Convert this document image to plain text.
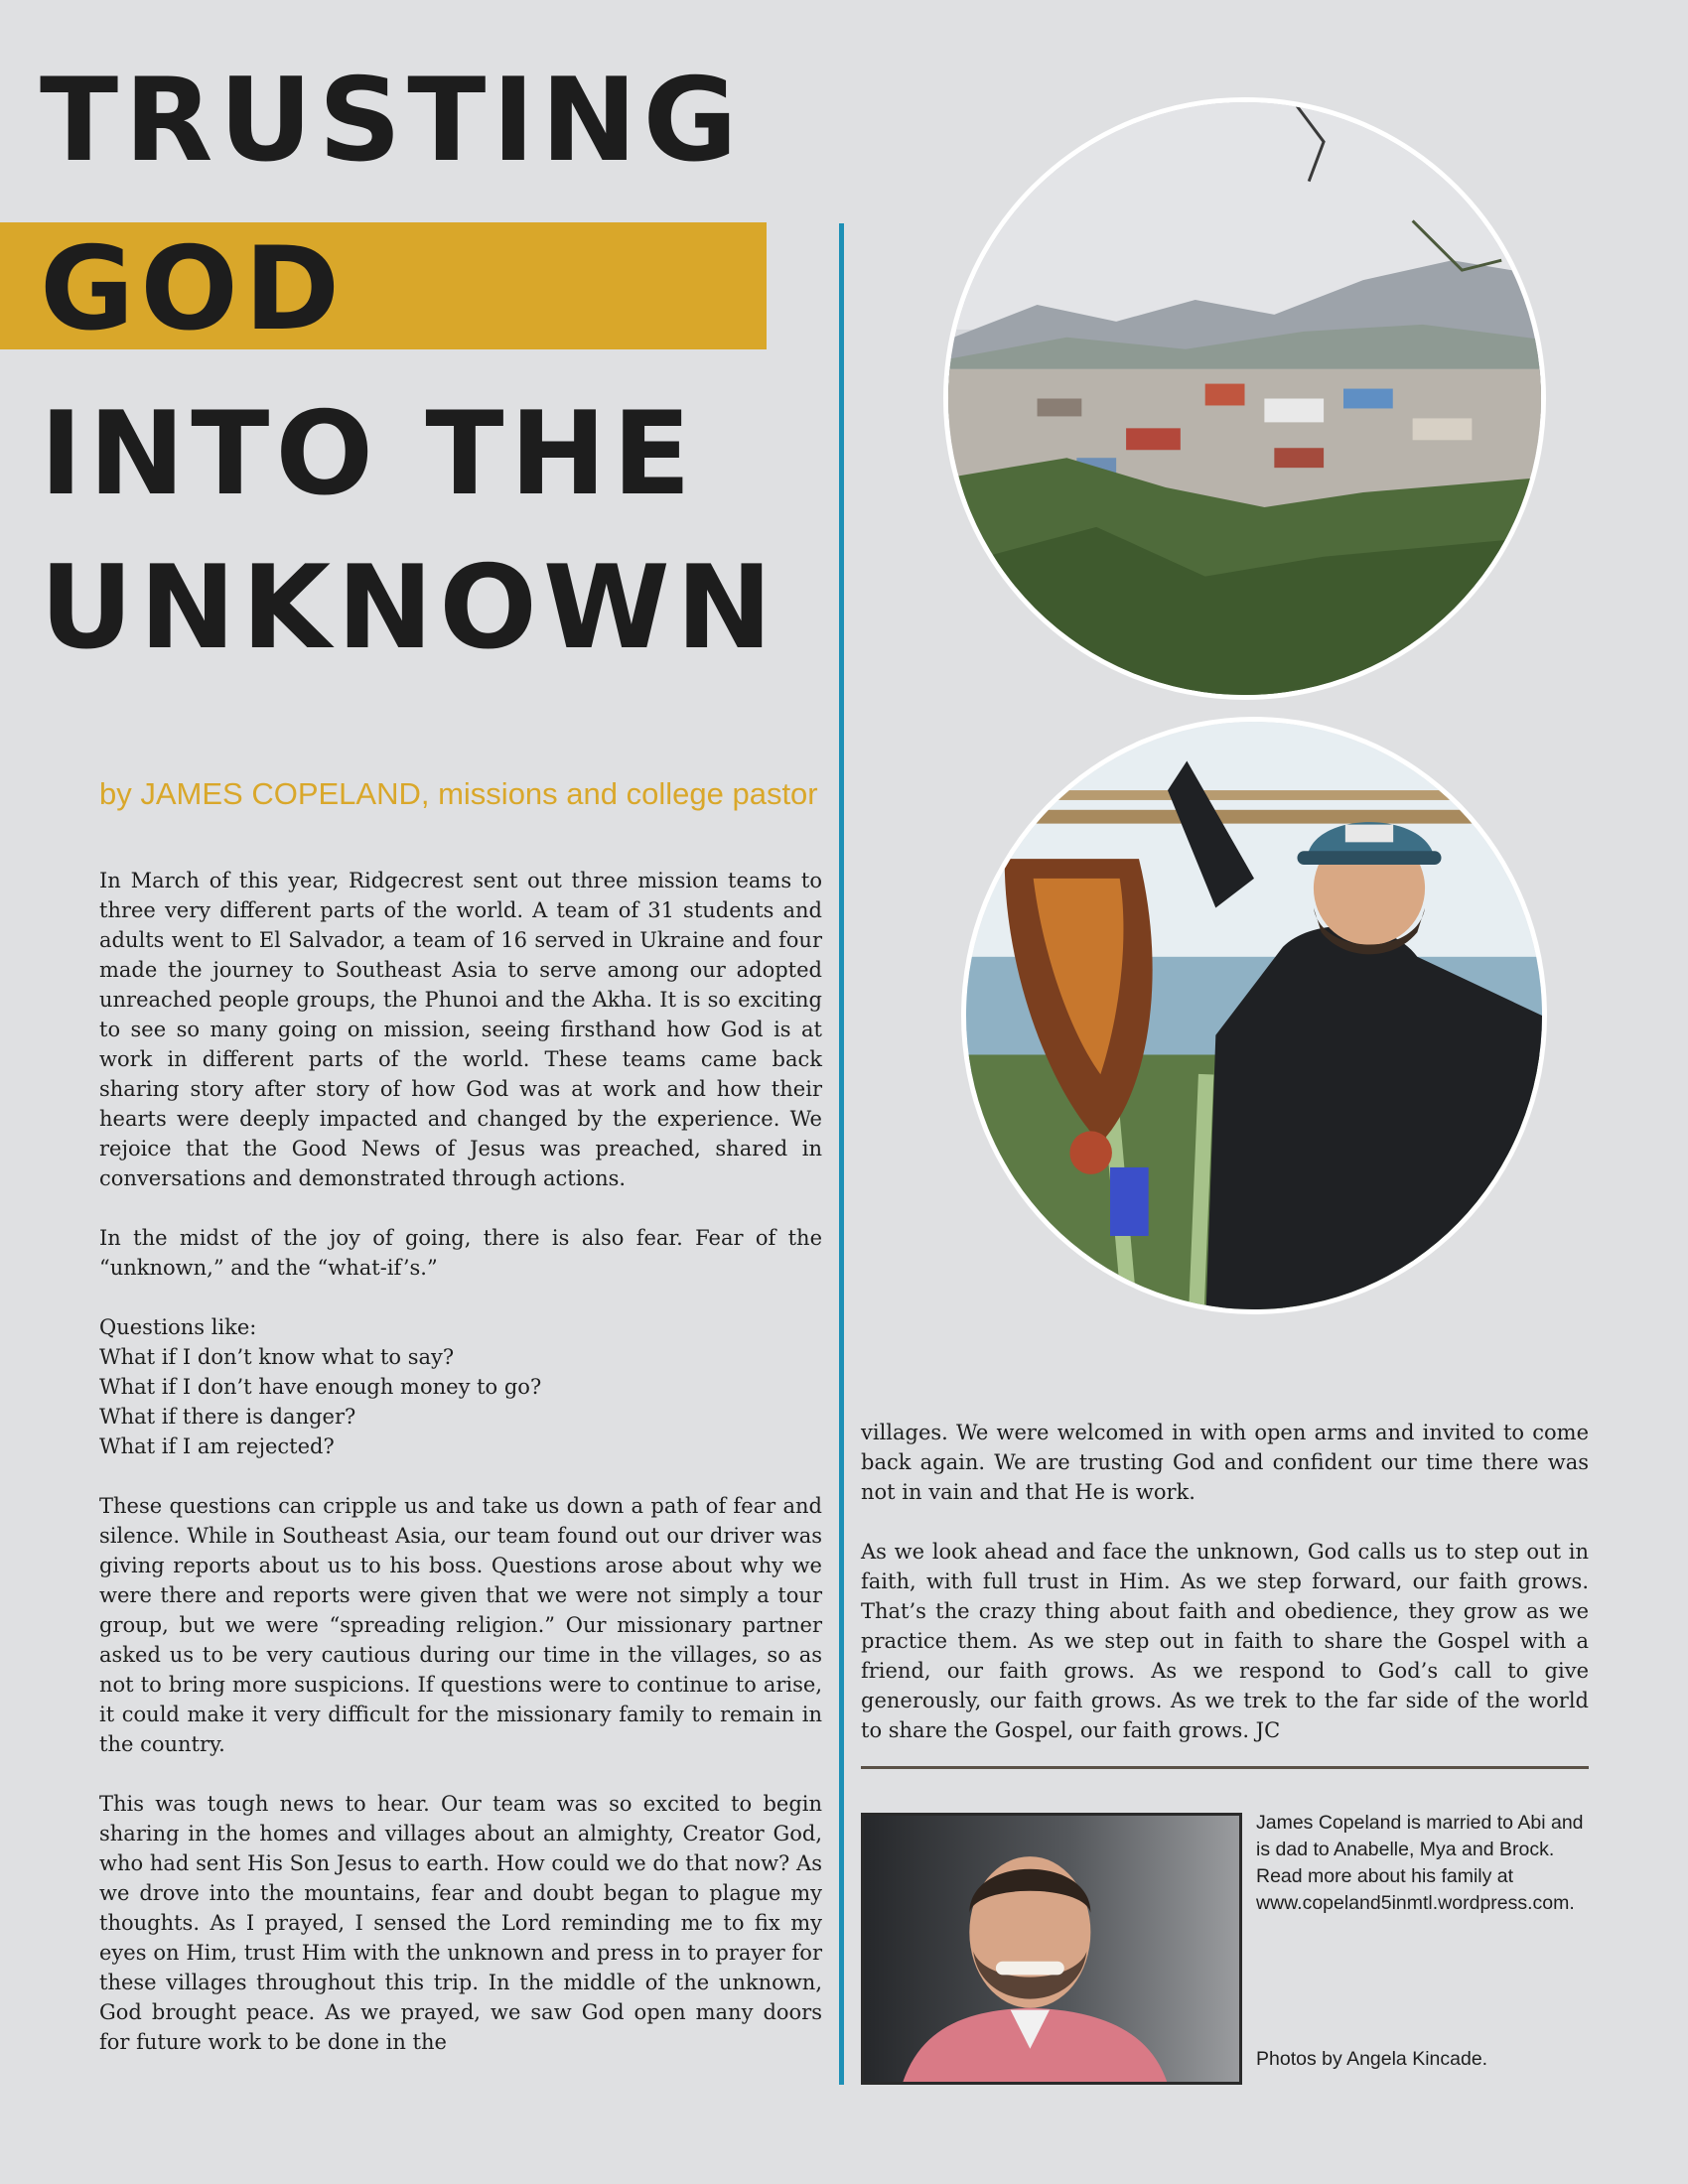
TRUSTING
GOD
INTO THE
UNKNOWN

by JAMES COPELAND, missions and college pastor

In March of this year, Ridgecrest sent out three mission teams to three very different parts of the world. A team of 31 students and adults went to El Salvador, a team of 16 served in Ukraine and four made the journey to Southeast Asia to serve among our adopted unreached people groups, the Phunoi and the Akha. It is so exciting to see so many going on mission, seeing firsthand how God is at work in different parts of the world. These teams came back sharing story after story of how God was at work and how their hearts were deeply impacted and changed by the experience. We rejoice that the Good News of Jesus was preached, shared in conversations and demonstrated through actions.

In the midst of the joy of going, there is also fear. Fear of the “unknown,” and the “what-if’s.”

Questions like:
What if I don’t know what to say?
What if I don’t have enough money to go?
What if there is danger?
What if I am rejected?

These questions can cripple us and take us down a path of fear and silence. While in Southeast Asia, our team found out our driver was giving reports about us to his boss. Questions arose about why we were there and reports were given that we were not simply a tour group, but we were “spreading religion.” Our missionary partner asked us to be very cautious during our time in the villages, so as not to bring more suspicions. If questions were to continue to arise, it could make it very difficult for the missionary family to remain in the country.

This was tough news to hear. Our team was so excited to begin sharing in the homes and villages about an almighty, Creator God, who had sent His Son Jesus to earth. How could we do that now? As we drove into the mountains, fear and doubt began to plague my thoughts. As I prayed, I sensed the Lord reminding me to fix my eyes on Him, trust Him with the unknown and press in to prayer for these villages throughout this trip. In the middle of the unknown, God brought peace. As we prayed, we saw God open many doors for future work to be done in the

villages. We were welcomed in with open arms and invited to come back again. We are trusting God and confident our time there was not in vain and that He is work.

As we look ahead and face the unknown, God calls us to step out in faith, with full trust in Him. As we step forward, our faith grows. That’s the crazy thing about faith and obedience, they grow as we practice them. As we step out in faith to share the Gospel with a friend, our faith grows. As we respond to God’s call to give generously, our faith grows. As we trek to the far side of the world to share the Gospel, our faith grows. JC

James Copeland is married to Abi and is dad to Anabelle, Mya and Brock. Read more about his family at www.copeland5inmtl.wordpress.com.

Photos by Angela Kincade.
